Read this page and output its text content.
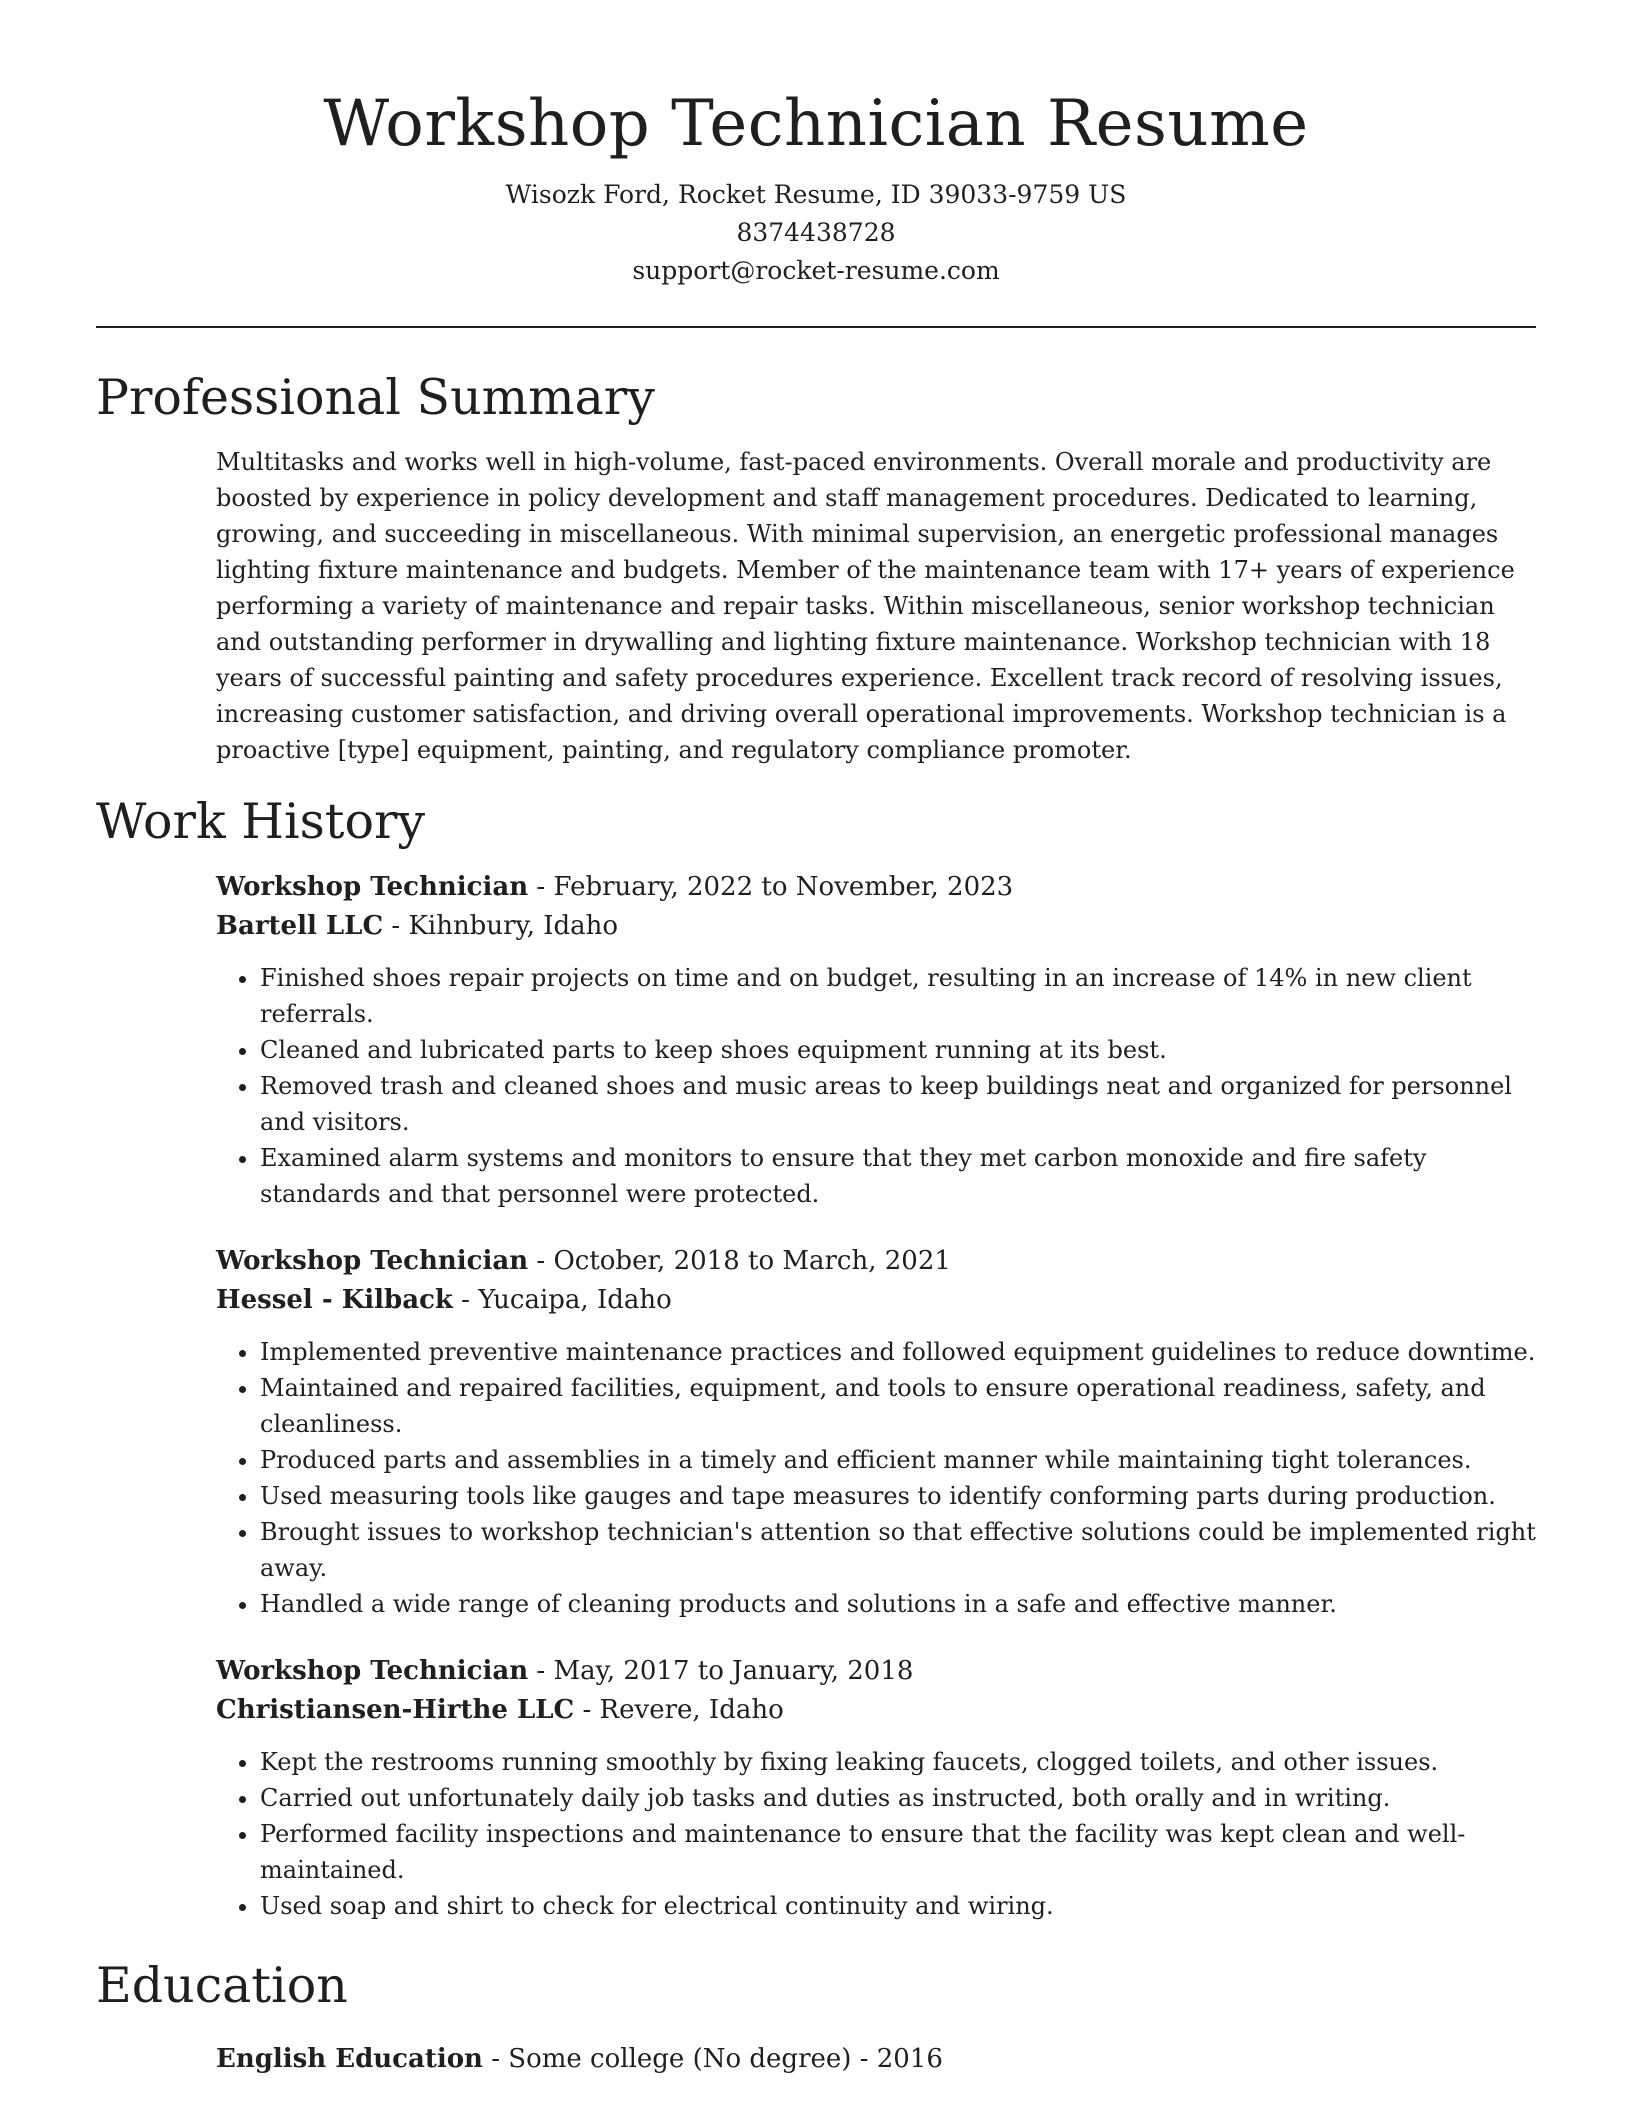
Workshop Technician Resume
Wisozk Ford, Rocket Resume, ID 39033-9759 US
8374438728
support@rocket-resume.com
Professional Summary

Multitasks and works well in high-volume, fast-paced environments. Overall morale and productivity are boosted by experience in policy development and staff management procedures. Dedicated to learning, growing, and succeeding in miscellaneous. With minimal supervision, an energetic professional manages lighting fixture maintenance and budgets. Member of the maintenance team with 17+ years of experience performing a variety of maintenance and repair tasks. Within miscellaneous, senior workshop technician and outstanding performer in drywalling and lighting fixture maintenance. Workshop technician with 18 years of successful painting and safety procedures experience. Excellent track record of resolving issues, increasing customer satisfaction, and driving overall operational improvements. Workshop technician is a proactive [type] equipment, painting, and regulatory compliance promoter.

Work History
Workshop Technician - February, 2022 to November, 2023
Bartell LLC - Kihnbury, Idaho
• Finished shoes repair projects on time and on budget, resulting in an increase of 14% in new client referrals.
• Cleaned and lubricated parts to keep shoes equipment running at its best.
• Removed trash and cleaned shoes and music areas to keep buildings neat and organized for personnel and visitors.
• Examined alarm systems and monitors to ensure that they met carbon monoxide and fire safety standards and that personnel were protected.
Workshop Technician - October, 2018 to March, 2021
Hessel - Kilback - Yucaipa, Idaho
• Implemented preventive maintenance practices and followed equipment guidelines to reduce downtime.
• Maintained and repaired facilities, equipment, and tools to ensure operational readiness, safety, and cleanliness.
• Produced parts and assemblies in a timely and efficient manner while maintaining tight tolerances.
• Used measuring tools like gauges and tape measures to identify conforming parts during production.
• Brought issues to workshop technician's attention so that effective solutions could be implemented right away.
• Handled a wide range of cleaning products and solutions in a safe and effective manner.
Workshop Technician - May, 2017 to January, 2018
Christiansen-Hirthe LLC - Revere, Idaho
• Kept the restrooms running smoothly by fixing leaking faucets, clogged toilets, and other issues.
• Carried out unfortunately daily job tasks and duties as instructed, both orally and in writing.
• Performed facility inspections and maintenance to ensure that the facility was kept clean and well-maintained.
• Used soap and shirt to check for electrical continuity and wiring.
Education
English Education - Some college (No degree) - 2016
